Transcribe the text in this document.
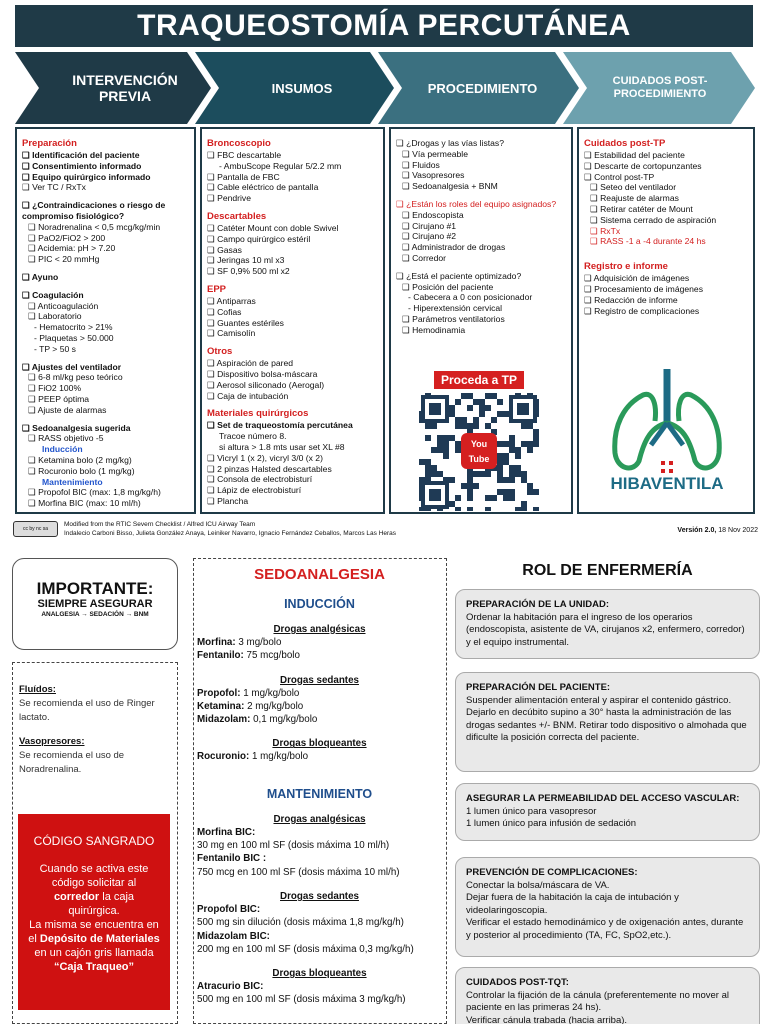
TRAQUEOSTOMÍA PERCUTÁNEA
INTERVENCIÓN PREVIA	INSUMOS	PROCEDIMIENTO	CUIDADOS POST-PROCEDIMIENTO
Preparación
❑ Identificación del paciente
❑ Consentimiento informado
❑ Equipo quirúrgico informado
❑ Ver TC / RxTx
❑ ¿Contraindicaciones o riesgo de compromiso fisiológico?
❑ Noradrenalina < 0,5 mcg/kg/min
❑ PaO2/FiO2 > 200
❑ Acidemia: pH > 7.20
❑ PIC < 20 mmHg
❑ Ayuno
❑ Coagulación
❑ Anticoagulación
❑ Laboratorio
- Hematocrito > 21%
- Plaquetas > 50.000
- TP > 50 s
❑ Ajustes del ventilador
❑ 6-8 ml/kg peso teórico
❑ FiO2 100%
❑ PEEP óptima
❑ Ajuste de alarmas
❑ Sedoanalgesia sugerida
❑ RASS objetivo -5
Inducción
❑ Ketamina bolo (2 mg/kg)
❑ Rocuronio bolo (1 mg/kg)
Mantenimiento
❑ Propofol BIC (max: 1,8 mg/kg/h)
❑ Morfina BIC (max: 10 ml/h)
Broncoscopio
❑ FBC descartable
- AmbuScope Regular 5/2.2 mm
❑ Pantalla de FBC
❑ Cable eléctrico de pantalla
❑ Pendrive
Descartables
❑ Catéter Mount con doble Swivel
❑ Campo quirúrgico estéril
❑ Gasas
❑ Jeringas 10 ml x3
❑ SF 0,9% 500 ml x2
EPP
❑ Antiparras
❑ Cofias
❑ Guantes estériles
❑ Camisolín
Otros
❑ Aspiración de pared
❑ Dispositivo bolsa-máscara
❑ Aerosol siliconado (Aerogal)
❑ Caja de intubación
Materiales quirúrgicos
❑ Set de traqueostomía percutánea
Tracoe número 8.
si altura > 1.8 mts usar set XL #8
❑ Vicryl 1 (x 2), vicryl 3/0 (x 2)
❑ 2 pinzas Halsted descartables
❑ Consola de electrobisturí
❑ Lápiz de electrobisturí
❑ Plancha
❑ ¿Drogas y las vías listas?
❑ Vía permeable
❑ Fluidos
❑ Vasopresores
❑ Sedoanalgesia + BNM
❑ ¿Están los roles del equipo asignados?
❑ Endoscopista
❑ Cirujano #1
❑ Cirujano #2
❑ Administrador de drogas
❑ Corredor
❑ ¿Está el paciente optimizado?
❑ Posición del paciente
- Cabecera a 0 con posicionador
- Hiperextensión cervical
❑ Parámetros ventilatorios
❑ Hemodinamia
Proceda a TP
You Tube
Cuidados post-TP
❑ Estabilidad del paciente
❑ Descarte de cortopunzantes
❑ Control post-TP
❑ Seteo del ventilador
❑ Reajuste de alarmas
❑ Retirar catéter de Mount
❑ Sistema cerrado de aspiración
❑ RxTx
❑ RASS -1 a -4 durante 24 hs
Registro e informe
❑ Adquisición de imágenes
❑ Procesamiento de imágenes
❑ Redacción de informe
❑ Registro de complicaciones
HIBAVENTILA
cc by nc sa
Modified from the RTIC Severn Checklist / Alfred ICU Airway Team
Indalecio Carboni Bisso, Julieta González Anaya, Leiniker Navarro, Ignacio Fernández Ceballos, Marcos Las Heras	Versión 2.0, 18 Nov 2022
IMPORTANTE:
SIEMPRE ASEGURAR
ANALGESIA → SEDACIÓN → BNM
Fluídos:
Se recomienda el uso de Ringer lactato.
Vasopresores:
Se recomienda el uso de Noradrenalina.
CÓDIGO SANGRADO
Cuando se activa este código solicitar al corredor la caja quirúrgica.
La misma se encuentra en el Depósito de Materiales en un cajón gris llamada “Caja Traqueo”
SEDOANALGESIA
INDUCCIÓN
Drogas analgésicas
Morfina: 3 mg/bolo
Fentanilo: 75 mcg/bolo
Drogas sedantes
Propofol: 1 mg/kg/bolo
Ketamina: 2 mg/kg/bolo
Midazolam: 0,1 mg/kg/bolo
Drogas bloqueantes
Rocuronio: 1 mg/kg/bolo
MANTENIMIENTO
Drogas analgésicas
Morfina BIC:
30 mg en 100 ml SF (dosis máxima 10 ml/h)
Fentanilo BIC :
750 mcg en 100 ml SF (dosis máxima 10 ml/h)
Drogas sedantes
Propofol BIC:
500 mg sin dilución (dosis máxima 1,8 mg/kg/h)
Midazolam BIC:
200 mg en 100 ml SF (dosis máxima 0,3 mg/kg/h)
Drogas bloqueantes
Atracurio BIC:
500 mg en 100 ml SF (dosis máxima 3 mg/kg/h)
ROL DE ENFERMERÍA
PREPARACIÓN DE LA UNIDAD:
Ordenar la habitación para el ingreso de los operarios (endoscopista, asistente de VA, cirujanos x2, enfermero, corredor) y el equipo instrumental.
PREPARACIÓN DEL PACIENTE:
Suspender alimentación enteral y aspirar el contenido gástrico. Dejarlo en decúbito supino a 30° hasta la administración de las drogas sedantes +/- BNM. Retirar todo dispositivo o almohada que dificulte la posición correcta del paciente.
ASEGURAR LA PERMEABILIDAD DEL ACCESO VASCULAR:
1 lumen único para vasopresor
1 lumen único para infusión de sedación
PREVENCIÓN DE COMPLICACIONES:
Conectar la bolsa/máscara de VA.
Dejar fuera de la habitación la caja de intubación y videolaringoscopia.
Verificar el estado hemodinámico y de oxigenación antes, durante y posterior al procedimiento (TA, FC, SpO2,etc.).
CUIDADOS POST-TQT:
Controlar la fijación de la cánula (preferentemente no mover al paciente en las primeras 24 hs).
Verificar cánula trabada (hacia arriba).
